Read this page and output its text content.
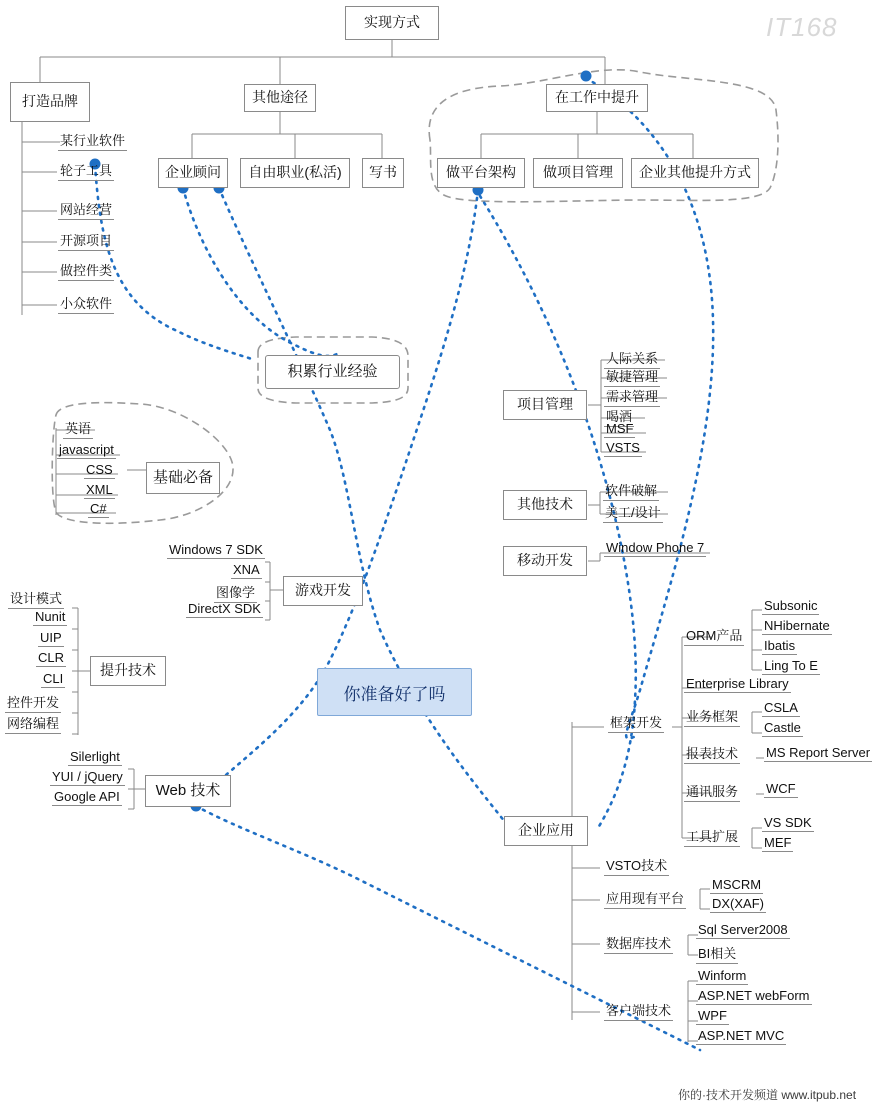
实现方式
打造品牌	其他途径	在工作中提升
某行业软件
轮子工具
网站经营
开源项目
做控件类
小众软件
企业顾问	自由职业(私活)	写书	做平台架构	做项目管理	企业其他提升方式
积累行业经验
基础必备
英语
javascript
CSS
XML
C#
项目管理
人际关系
敏捷管理
需求管理
喝酒
MSF
VSTS
其他技术
软件破解
美工/设计
移动开发
Window Phone 7
游戏开发
Windows 7 SDK
XNA
图像学
DirectX SDK
提升技术
设计模式
Nunit
UIP
CLR
CLI
控件开发
网络编程
Web 技术
Silerlight
YUI / jQuery
Google API
你准备好了吗
企业应用
框架开发
ORM产品
Subsonic
NHibernate
Ibatis
Ling To E
Enterprise Library
业务框架
CSLA
Castle
报表技术 MS Report Server
通讯服务 WCF
工具扩展
VS SDK
MEF
VSTO技术
应用现有平台
MSCRM
DX(XAF)
数据库技术
Sql Server2008
BI相关
客户端技术
Winform
ASP.NET webForm
WPF
ASP.NET MVC
IT168
你的·技术开发频道 www.itpub.net
